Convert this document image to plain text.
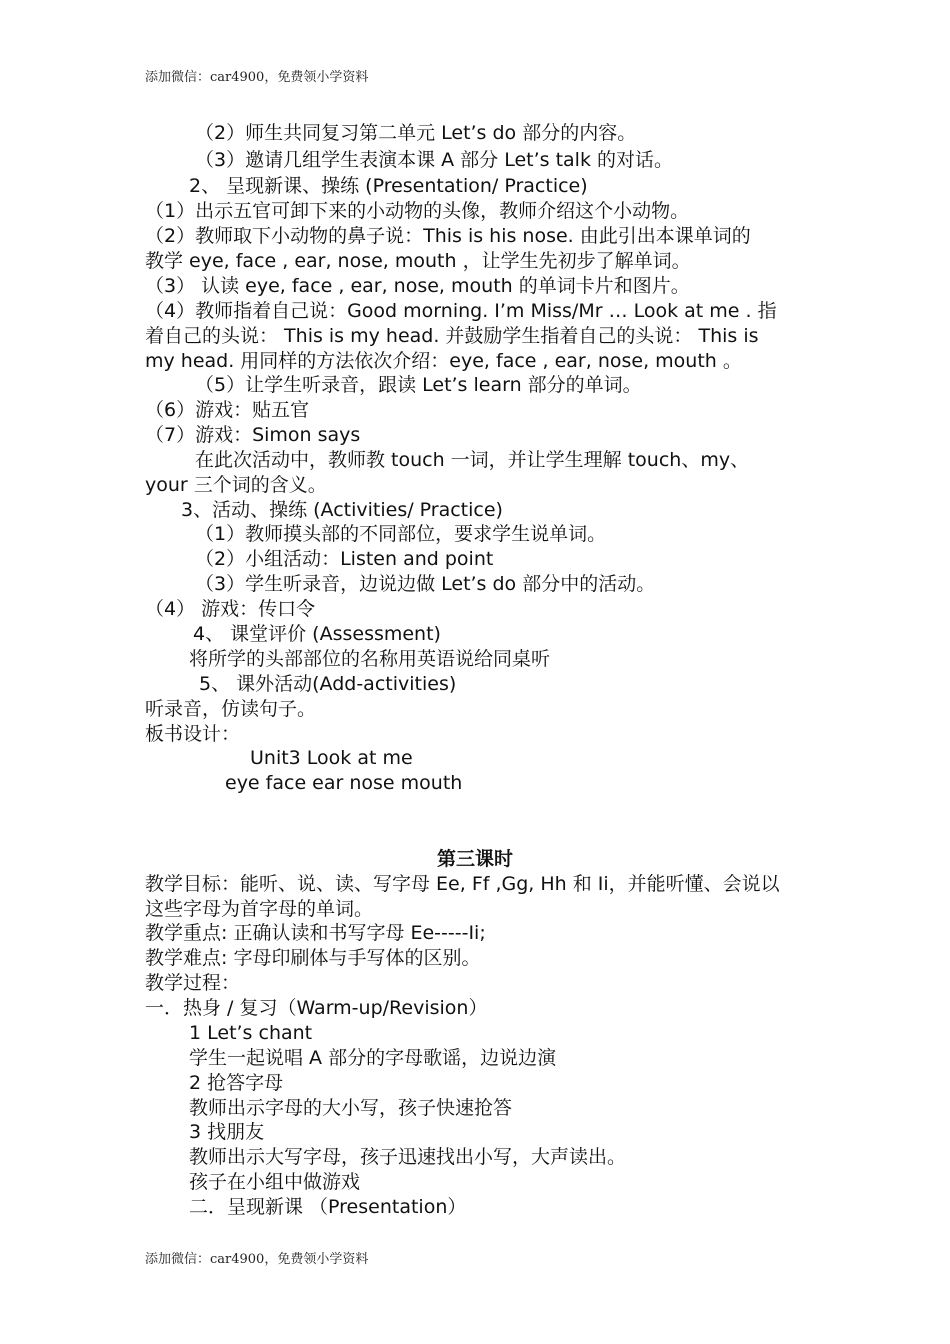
添加微信：car4900，免费领小学资料
（2）师生共同复习第二单元 Let’s do 部分的内容。
（3）邀请几组学生表演本课 A 部分 Let’s talk 的对话。
2、 呈现新课、操练 (Presentation/ Practice)
（1）出示五官可卸下来的小动物的头像，教师介绍这个小动物。
（2）教师取下小动物的鼻子说：This is his nose. 由此引出本课单词的
教学 eye, face , ear, nose, mouth ，让学生先初步了解单词。
（3） 认读 eye, face , ear, nose, mouth 的单词卡片和图片。
（4）教师指着自己说：Good morning. I’m Miss/Mr … Look at me . 指
着自己的头说： This is my head. 并鼓励学生指着自己的头说： This is
my head. 用同样的方法依次介绍：eye, face , ear, nose, mouth 。
（5）让学生听录音，跟读 Let’s learn 部分的单词。
（6）游戏：贴五官
（7）游戏：Simon says
在此次活动中，教师教 touch 一词，并让学生理解 touch、my、
your 三个词的含义。
3、活动、操练 (Activities/ Practice)
（1）教师摸头部的不同部位，要求学生说单词。
（2）小组活动：Listen and point
（3）学生听录音，边说边做 Let’s do 部分中的活动。
（4） 游戏：传口令
4、 课堂评价 (Assessment)
将所学的头部部位的名称用英语说给同桌听
5、 课外活动(Add-activities)
听录音，仿读句子。
板书设计：
Unit3 Look at me
eye face ear nose mouth
第三课时
教学目标：能听、说、读、写字母 Ee, Ff ,Gg, Hh 和 Ii，并能听懂、会说以
这些字母为首字母的单词。
教学重点: 正确认读和书写字母 Ee-----Ii;
教学难点: 字母印刷体与手写体的区别。
教学过程：
一．热身 / 复习（Warm-up/Revision）
1 Let’s chant
学生一起说唱 A 部分的字母歌谣，边说边演
2 抢答字母
教师出示字母的大小写，孩子快速抢答
3 找朋友
教师出示大写字母，孩子迅速找出小写，大声读出。
孩子在小组中做游戏
二．呈现新课 （Presentation）
添加微信：car4900，免费领小学资料
